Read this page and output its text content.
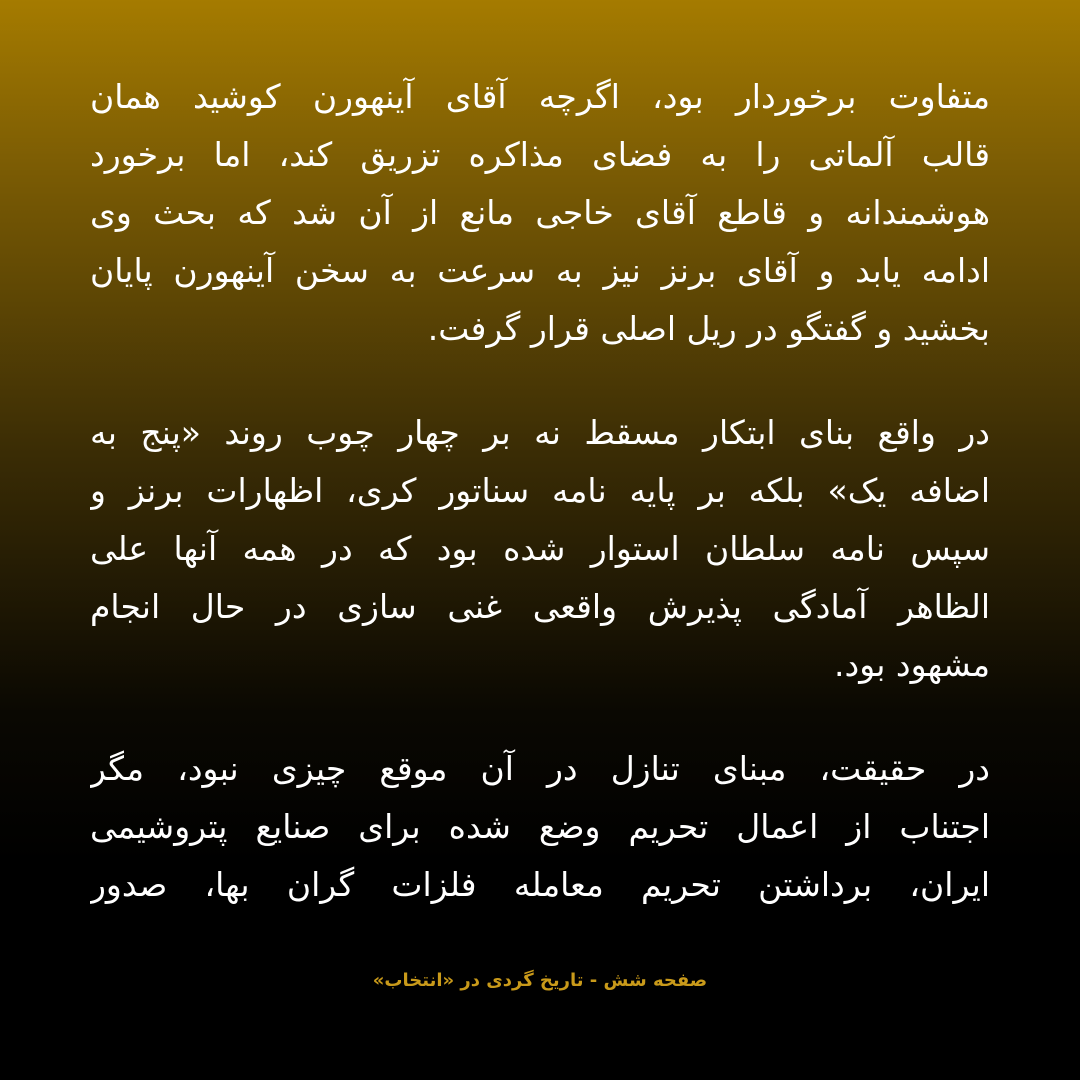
متفاوت برخوردار بود، اگرچه آقای آینهورن کوشید همان
قالب آلماتی را به فضای مذاکره تزریق کند، اما برخورد
هوشمندانه و قاطع آقای خاجی مانع از آن شد که بحث وی
ادامه یابد و آقای برنز نیز به سرعت به سخن آینهورن پایان
بخشید و گفتگو در ریل اصلی قرار گرفت.
در واقع بنای ابتکار مسقط نه بر چهار چوب روند «پنج به
اضافه یک» بلکه بر پایه نامه سناتور کری، اظهارات برنز و
سپس نامه سلطان استوار شده بود که در همه آنها علی
الظاهر آمادگی پذیرش واقعی غنی سازی در حال انجام
مشهود بود.
در حقیقت، مبنای تنازل در آن موقع چیزی نبود، مگر
اجتناب از اعمال تحریم وضع شده برای صنایع پتروشیمی
ایران، برداشتن تحریم معامله فلزات گران بها، صدور
صفحه شش - تاریخ گردی در «انتخاب»
